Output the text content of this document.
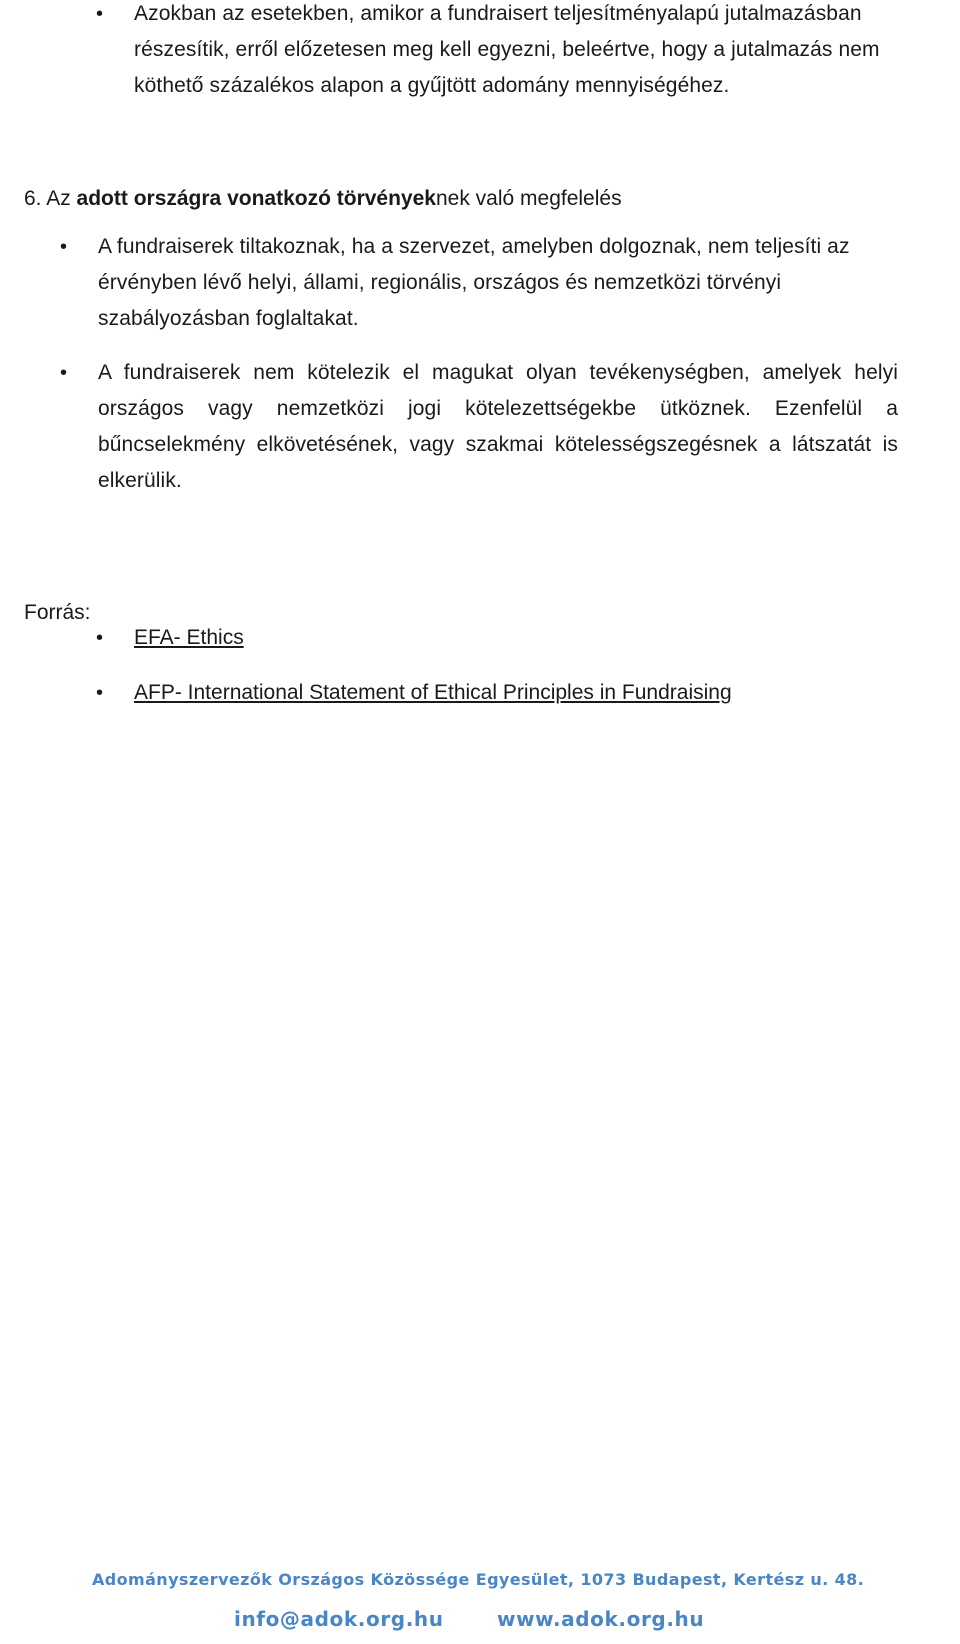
•	Azokban az esetekben, amikor a fundraisert teljesítményalapú jutalmazásban részesítik, erről előzetesen meg kell egyezni, beleértve, hogy a jutalmazás nem köthető százalékos alapon a gyűjtött adomány mennyiségéhez.
6. Az adott országra vonatkozó törvényeknek való megfelelés
•	A fundraiserek tiltakoznak, ha a szervezet, amelyben dolgoznak, nem teljesíti az érvényben lévő helyi, állami, regionális, országos és nemzetközi törvényi szabályozásban foglaltakat.
•	A fundraiserek nem kötelezik el magukat olyan tevékenységben, amelyek helyi országos vagy nemzetközi jogi kötelezettségekbe ütköznek. Ezenfelül a bűncselekmény elkövetésének, vagy szakmai kötelességszegésnek a látszatát is elkerülik.
Forrás:
•	EFA- Ethics
•	AFP- International Statement of Ethical Principles in Fundraising
Adományszervezők Országos Közössége Egyesület, 1073 Budapest, Kertész u. 48.
info@adok.org.hu	www.adok.org.hu
